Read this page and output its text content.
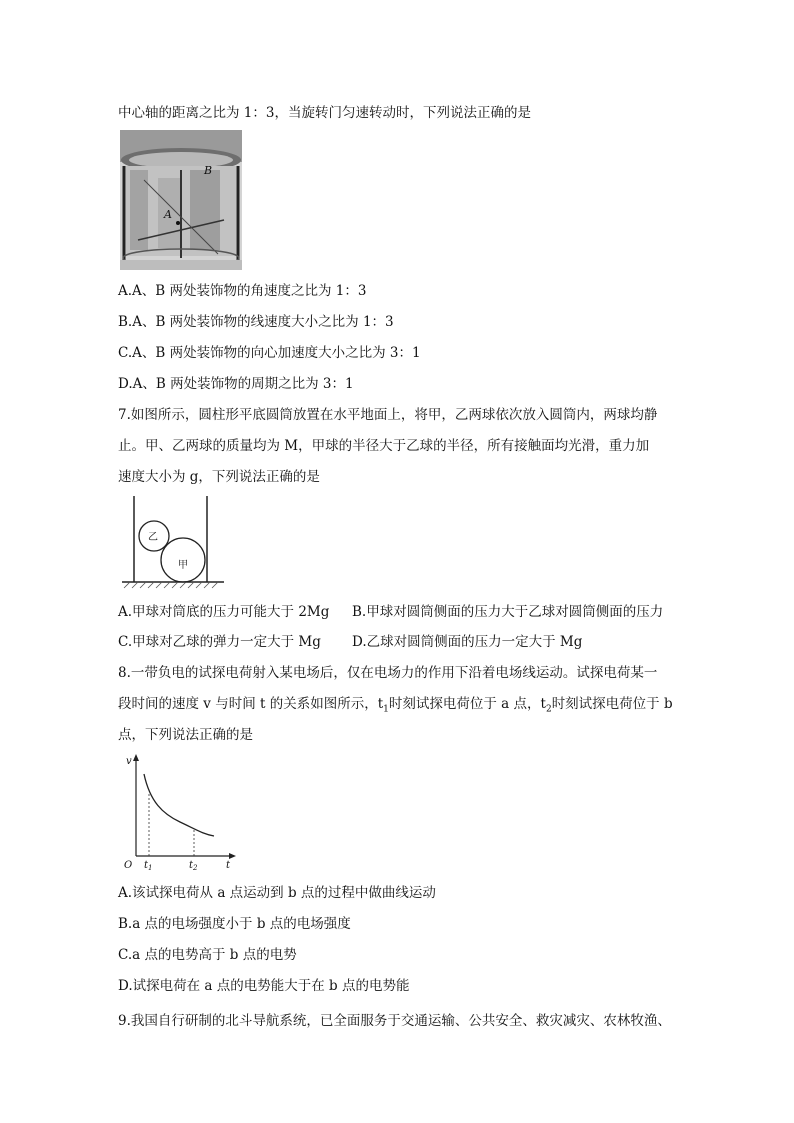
中心轴的距离之比为 1：3，当旋转门匀速转动时，下列说法正确的是
A
B
A.A、B 两处装饰物的角速度之比为 1：3
B.A、B 两处装饰物的线速度大小之比为 1：3
C.A、B 两处装饰物的向心加速度大小之比为 3：1
D.A、B 两处装饰物的周期之比为 3：1
7.如图所示，圆柱形平底圆筒放置在水平地面上，将甲，乙两球依次放入圆筒内，两球均静
止。甲、乙两球的质量均为 M，甲球的半径大于乙球的半径，所有接触面均光滑，重力加
速度大小为 g，下列说法正确的是
乙
甲
A.甲球对筒底的压力可能大于 2Mg B.甲球对圆筒侧面的压力大于乙球对圆筒侧面的压力
C.甲球对乙球的弹力一定大于 Mg D.乙球对圆筒侧面的压力一定大于 Mg
8.一带负电的试探电荷射入某电场后，仅在电场力的作用下沿着电场线运动。试探电荷某一
段时间的速度 v 与时间 t 的关系如图所示，$t_1$时刻试探电荷位于 a 点，$t_2$时刻试探电荷位于 b
点，下列说法正确的是
v
t
O $t_1$	$t_2$
A.该试探电荷从 a 点运动到 b 点的过程中做曲线运动
B.a 点的电场强度小于 b 点的电场强度
C.a 点的电势高于 b 点的电势
D.试探电荷在 a 点的电势能大于在 b 点的电势能
9.我国自行研制的北斗导航系统，已全面服务于交通运输、公共安全、救灾减灾、农林牧渔、
